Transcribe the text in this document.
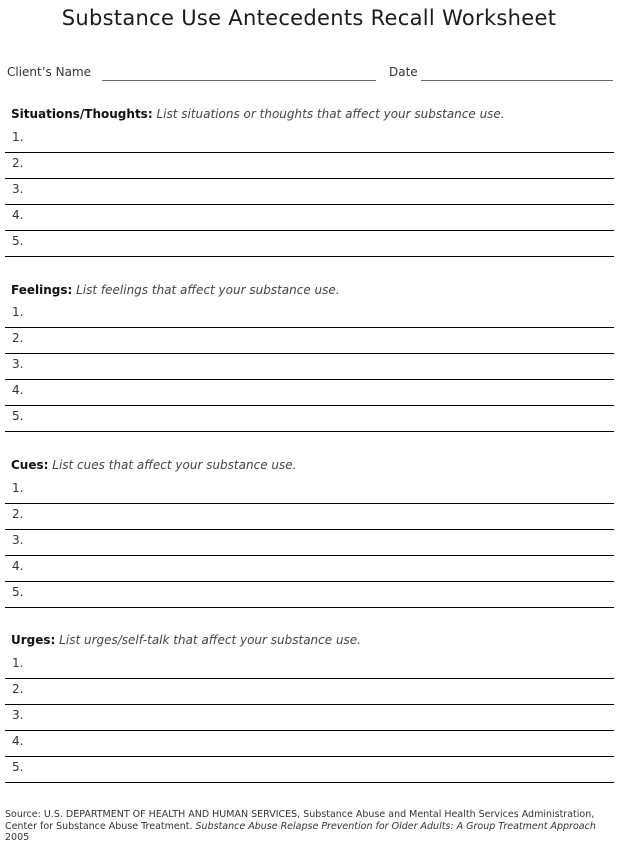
Substance Use Antecedents Recall Worksheet
Client’s Name	Date
Situations/Thoughts: List situations or thoughts that affect your substance use.
1.
2.
3.
4.
5.
Feelings: List feelings that affect your substance use.
1.
2.
3.
4.
5.
Cues: List cues that affect your substance use.
1.
2.
3.
4.
5.
Urges: List urges/self-talk that affect your substance use.
1.
2.
3.
4.
5.
Source: U.S. DEPARTMENT OF HEALTH AND HUMAN SERVICES, Substance Abuse and Mental Health Services Administration, Center for Substance Abuse Treatment. Substance Abuse Relapse Prevention for Older Adults: A Group Treatment Approach 2005
